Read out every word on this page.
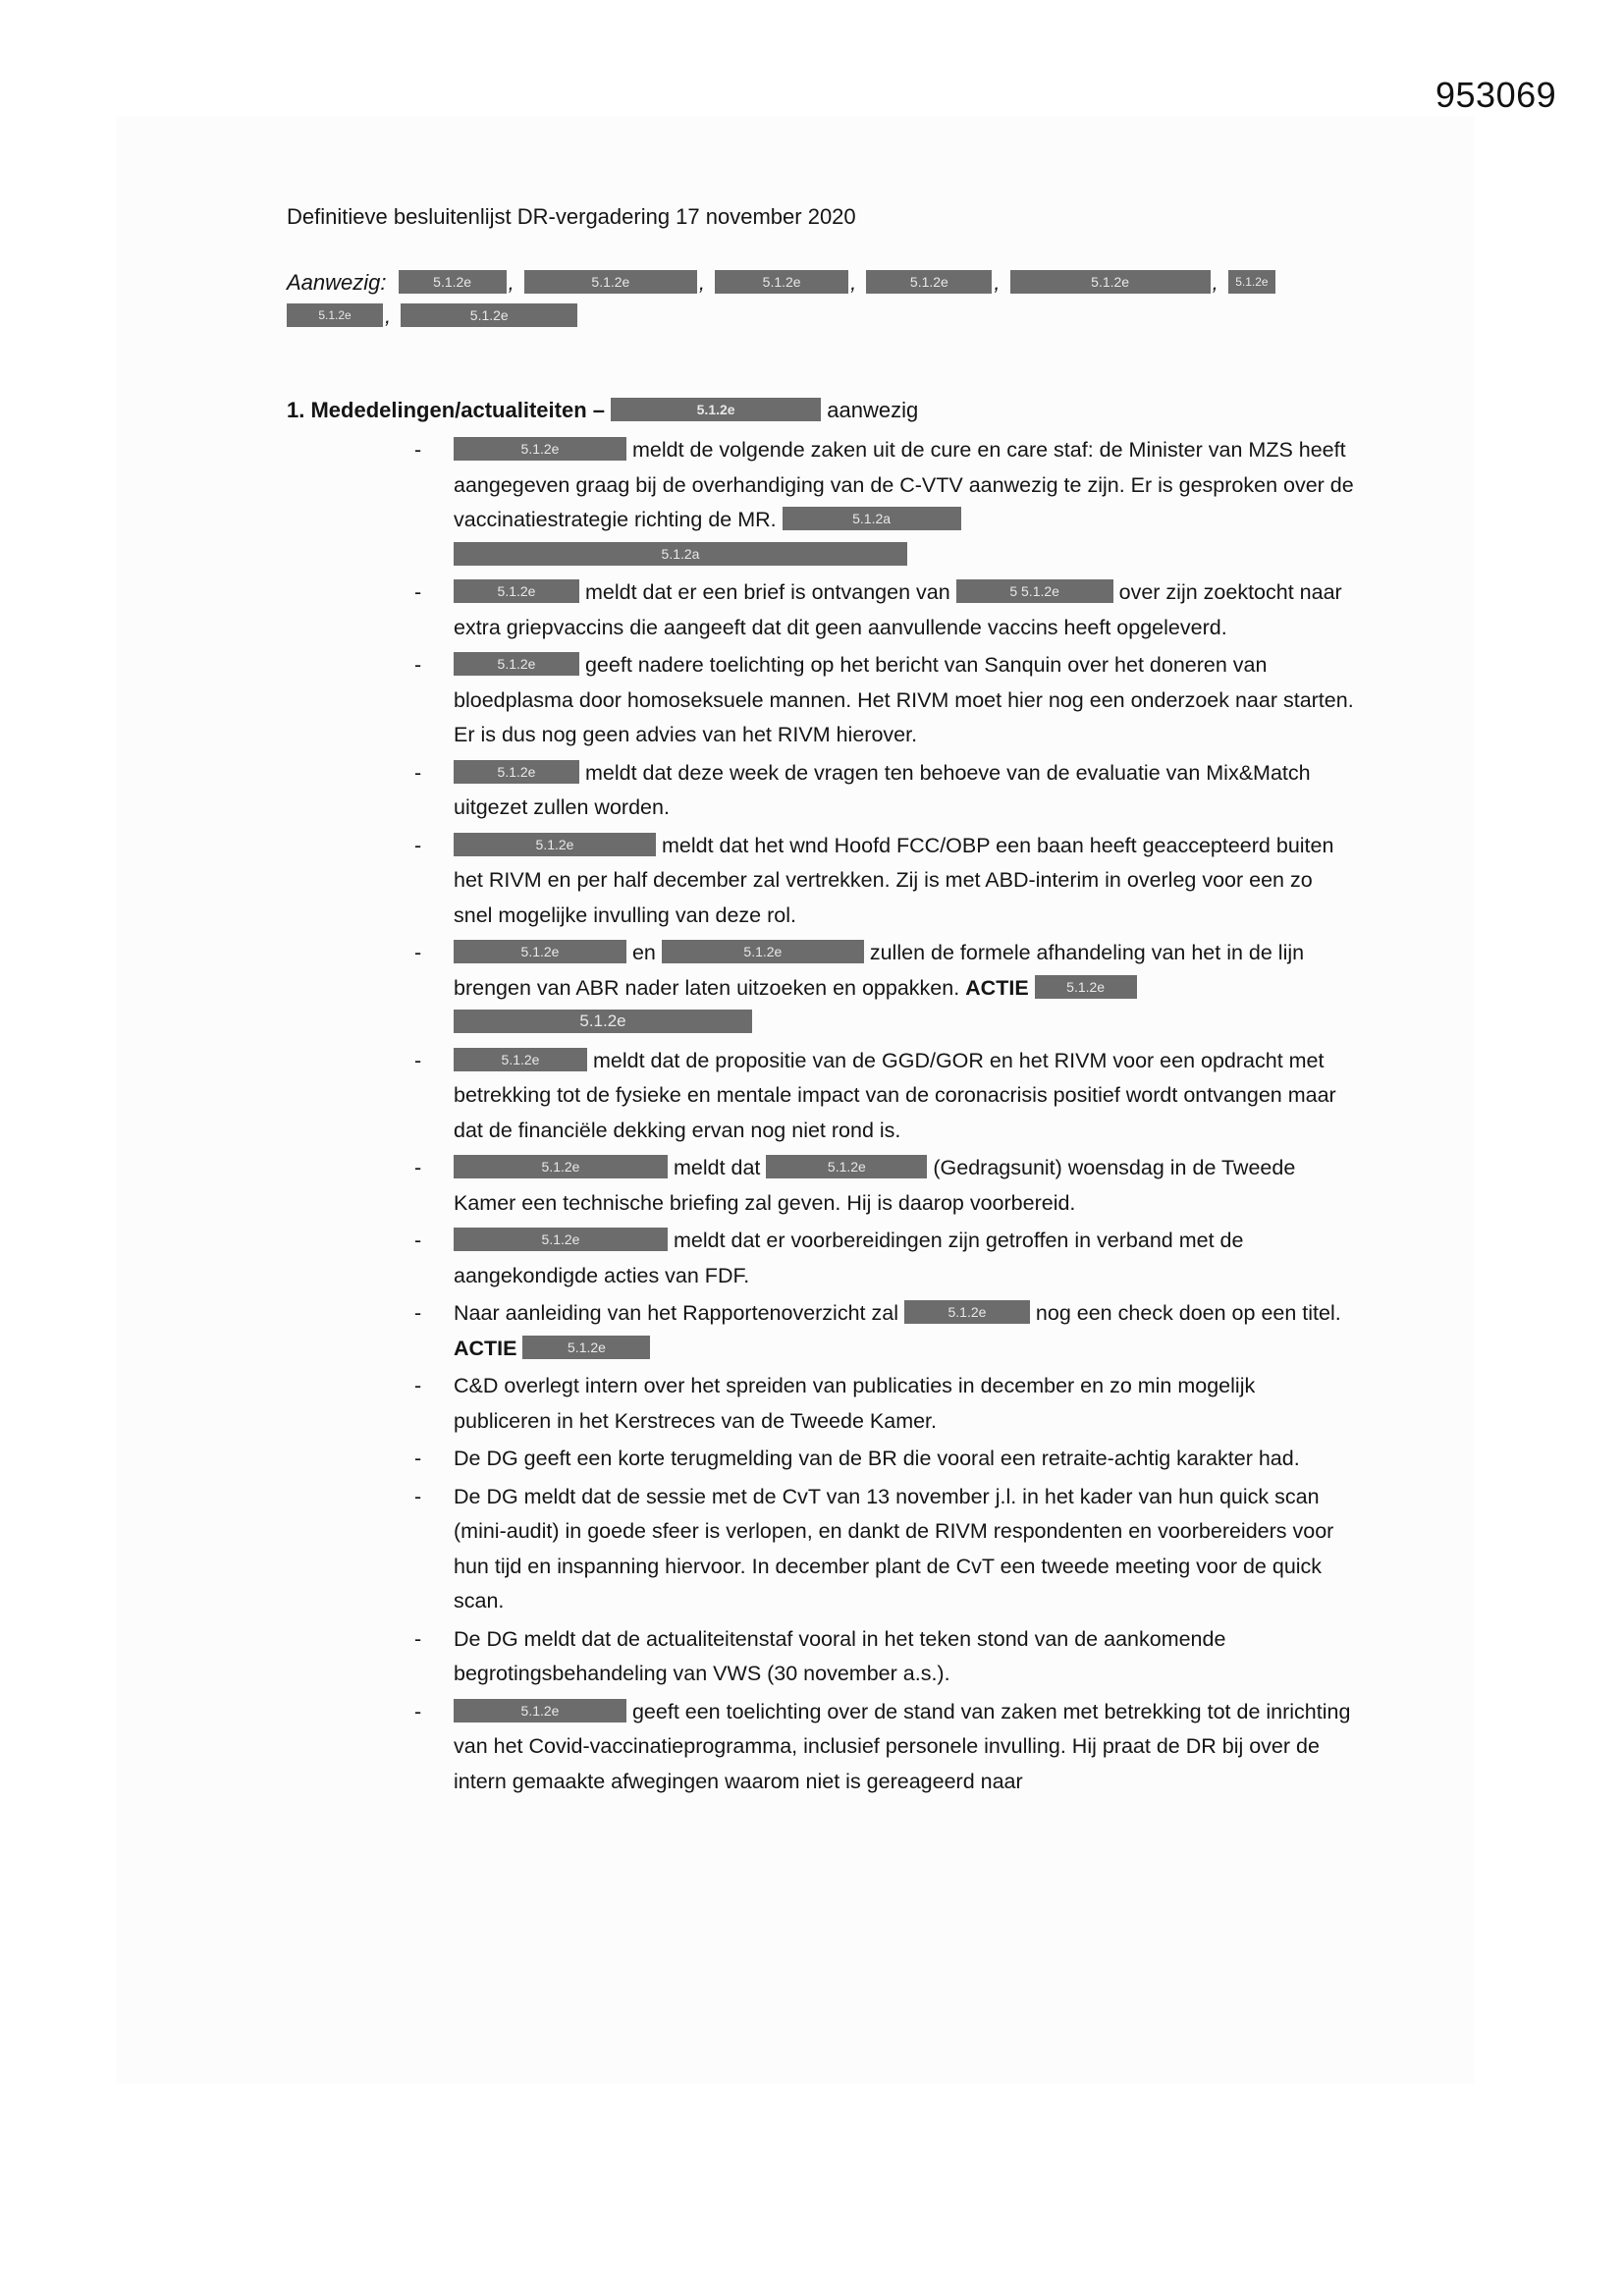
953069

Definitieve besluitenlijst DR-vergadering 17 november 2020

Aanwezig:	5.1.2e ,	5.1.2e	,	5.1.2e ,	5.1.2e ,	5.1.2e	, 5.1.2e
5.1.2e ,	5.1.2e
1. Mededelingen/actualiteiten –	5.1.2e	aanwezig
-	5.1.2e	meldt de volgende zaken uit de cure en care staf: de Minister van MZS heeft aangegeven graag bij de overhandiging van de C-VTV aanwezig te zijn. Er is gesproken over de vaccinatiestrategie richting de MR.	5.1.2a
5.1.2a
-	5.1.2e meldt dat er een brief is ontvangen van	5 5.1.2e	over zijn zoektocht naar extra griepvaccins die aangeeft dat dit geen aanvullende vaccins heeft opgeleverd.
-	5.1.2e geeft nadere toelichting op het bericht van Sanquin over het doneren van bloedplasma door homoseksuele mannen. Het RIVM moet hier nog een onderzoek naar starten. Er is dus nog geen advies van het RIVM hierover.
-	5.1.2e meldt dat deze week de vragen ten behoeve van de evaluatie van Mix&Match uitgezet zullen worden.
-	5.1.2e	meldt dat het wnd Hoofd FCC/OBP een baan heeft geaccepteerd buiten het RIVM en per half december zal vertrekken. Zij is met ABD-interim in overleg voor een zo snel mogelijke invulling van deze rol.
-	5.1.2e	en	5.1.2e	zullen de formele afhandeling van het in de lijn brengen van ABR nader laten uitzoeken en oppakken. ACTIE	5.1.2e
5.1.2e
-	5.1.2e meldt dat de propositie van de GGD/GOR en het RIVM voor een opdracht met betrekking tot de fysieke en mentale impact van de coronacrisis positief wordt ontvangen maar dat de financiële dekking ervan nog niet rond is.
-	5.1.2e	meldt dat	5.1.2e	(Gedragsunit) woensdag in de Tweede Kamer een technische briefing zal geven. Hij is daarop voorbereid.
-	5.1.2e	meldt dat er voorbereidingen zijn getroffen in verband met de aangekondigde acties van FDF.
- Naar aanleiding van het Rapportenoverzicht zal	5.1.2e nog een check doen op een titel. ACTIE	5.1.2e
- C&D overlegt intern over het spreiden van publicaties in december en zo min mogelijk publiceren in het Kerstreces van de Tweede Kamer.
- De DG geeft een korte terugmelding van de BR die vooral een retraite-achtig karakter had.
- De DG meldt dat de sessie met de CvT van 13 november j.l. in het kader van hun quick scan (mini-audit) in goede sfeer is verlopen, en dankt de RIVM respondenten en voorbereiders voor hun tijd en inspanning hiervoor. In december plant de CvT een tweede meeting voor de quick scan.
- De DG meldt dat de actualiteitenstaf vooral in het teken stond van de aankomende begrotingsbehandeling van VWS (30 november a.s.).
-	5.1.2e	geeft een toelichting over de stand van zaken met betrekking tot de inrichting van het Covid-vaccinatieprogramma, inclusief personele invulling. Hij praat de DR bij over de intern gemaakte afwegingen waarom niet is gereageerd naar
